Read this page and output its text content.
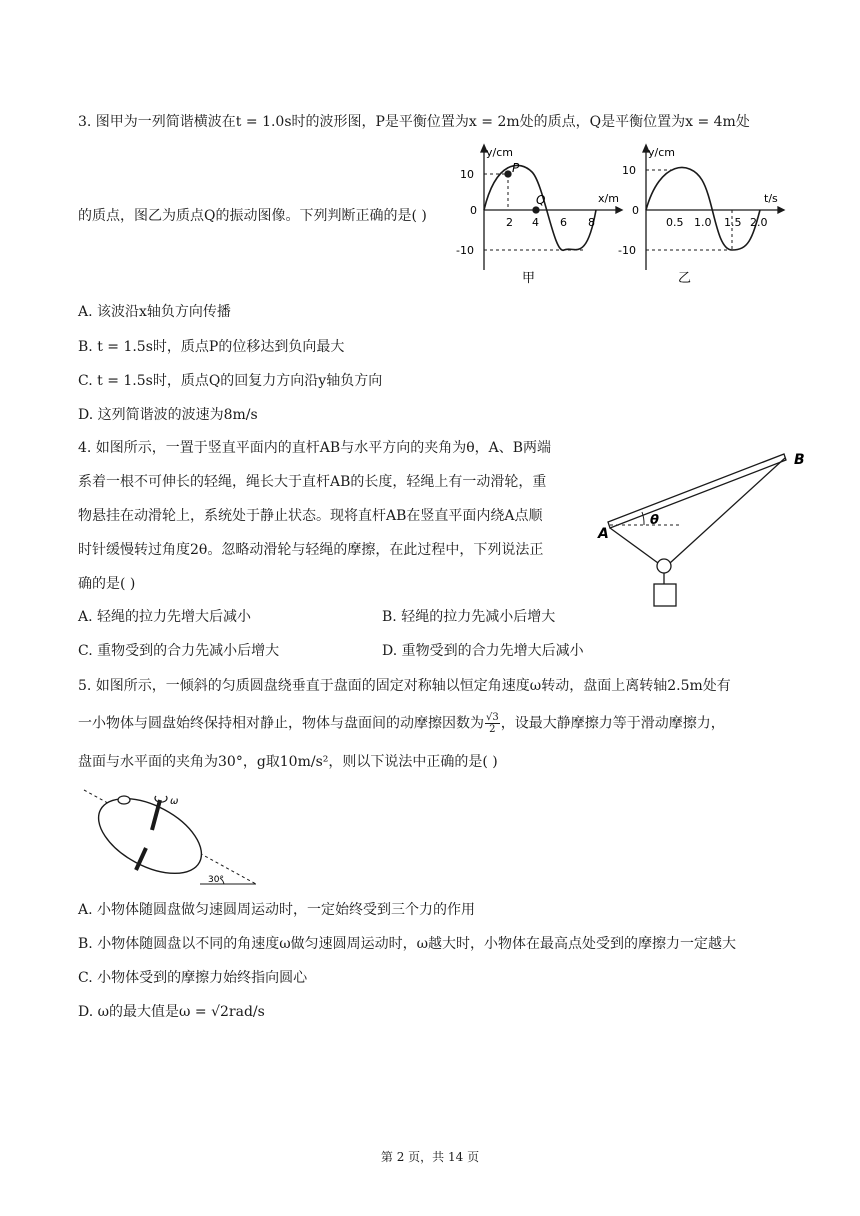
3. 图甲为一列简谐横波在t = 1.0s时的波形图，P是平衡位置为x = 2m处的质点，Q是平衡位置为x = 4m处
的质点，图乙为质点Q的振动图像。下列判断正确的是( )
y/cm
x/m
10
0
-10
2 4 6 8
P
Q
甲
y/cm
t/s
10
0
-10
0.5 1.0 1.5 2.0
乙
A. 该波沿x轴负方向传播
B. t = 1.5s时，质点P的位移达到负向最大
C. t = 1.5s时，质点Q的回复力方向沿y轴负方向
D. 这列简谐波的波速为8m/s
4. 如图所示，一置于竖直平面内的直杆AB与水平方向的夹角为θ，A、B两端
系着一根不可伸长的轻绳，绳长大于直杆AB的长度，轻绳上有一动滑轮，重
物悬挂在动滑轮上，系统处于静止状态。现将直杆AB在竖直平面内绕A点顺
时针缓慢转过角度2θ。忽略动滑轮与轻绳的摩擦，在此过程中，下列说法正
确的是( )
A
B
θ
A. 轻绳的拉力先增大后减小	B. 轻绳的拉力先减小后增大
C. 重物受到的合力先减小后增大	D. 重物受到的合力先增大后减小
5. 如图所示，一倾斜的匀质圆盘绕垂直于盘面的固定对称轴以恒定角速度ω转动，盘面上离转轴2.5m处有
一小物体与圆盘始终保持相对静止，物体与盘面间的动摩擦因数为 $\frac{√3}{2}$ ，设最大静摩擦力等于滑动摩擦力，
盘面与水平面的夹角为30°，g取10m/s²，则以下说法中正确的是( )
ω
30°
A. 小物体随圆盘做匀速圆周运动时，一定始终受到三个力的作用
B. 小物体随圆盘以不同的角速度ω做匀速圆周运动时，ω越大时，小物体在最高点处受到的摩擦力一定越大
C. 小物体受到的摩擦力始终指向圆心
D. ω的最大值是ω = √2rad/s
第 2 页，共 14 页
